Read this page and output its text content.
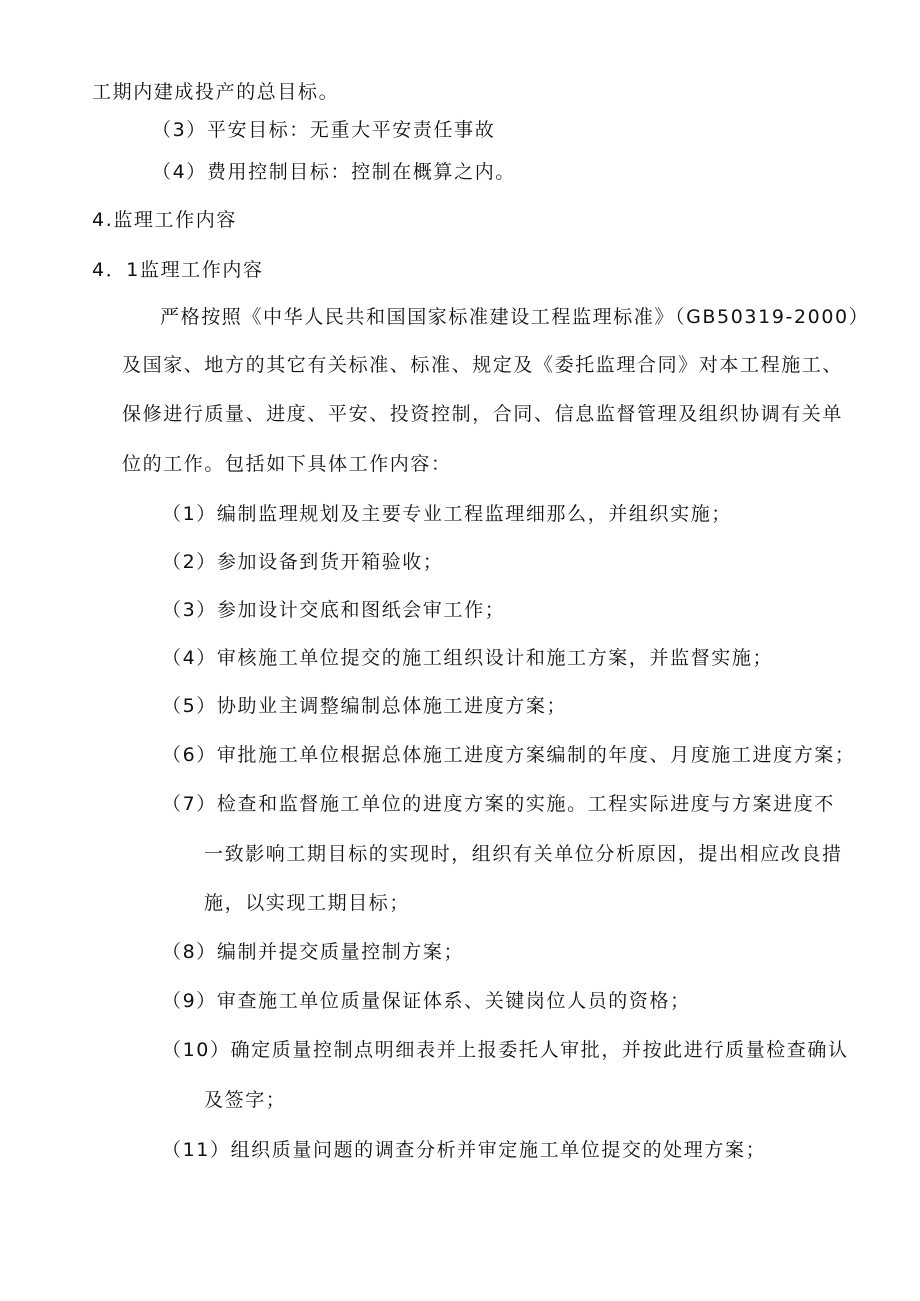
工期内建成投产的总目标。

（3）平安目标：无重大平安责任事故

（4）费用控制目标：控制在概算之内。

4.监理工作内容

4．1监理工作内容

严格按照《中华人民共和国国家标准建设工程监理标准》（GB50319-2000）

及国家、地方的其它有关标准、标准、规定及《委托监理合同》对本工程施工、

保修进行质量、进度、平安、投资控制，合同、信息监督管理及组织协调有关单

位的工作。包括如下具体工作内容：

（1）编制监理规划及主要专业工程监理细那么，并组织实施；

（2）参加设备到货开箱验收；

（3）参加设计交底和图纸会审工作；

（4）审核施工单位提交的施工组织设计和施工方案，并监督实施；

（5）协助业主调整编制总体施工进度方案；

（6）审批施工单位根据总体施工进度方案编制的年度、月度施工进度方案；

（7）检查和监督施工单位的进度方案的实施。工程实际进度与方案进度不

一致影响工期目标的实现时，组织有关单位分析原因，提出相应改良措

施，以实现工期目标；

（8）编制并提交质量控制方案；

（9）审查施工单位质量保证体系、关键岗位人员的资格；

（10）确定质量控制点明细表并上报委托人审批，并按此进行质量检查确认

及签字；

（11）组织质量问题的调查分析并审定施工单位提交的处理方案；
